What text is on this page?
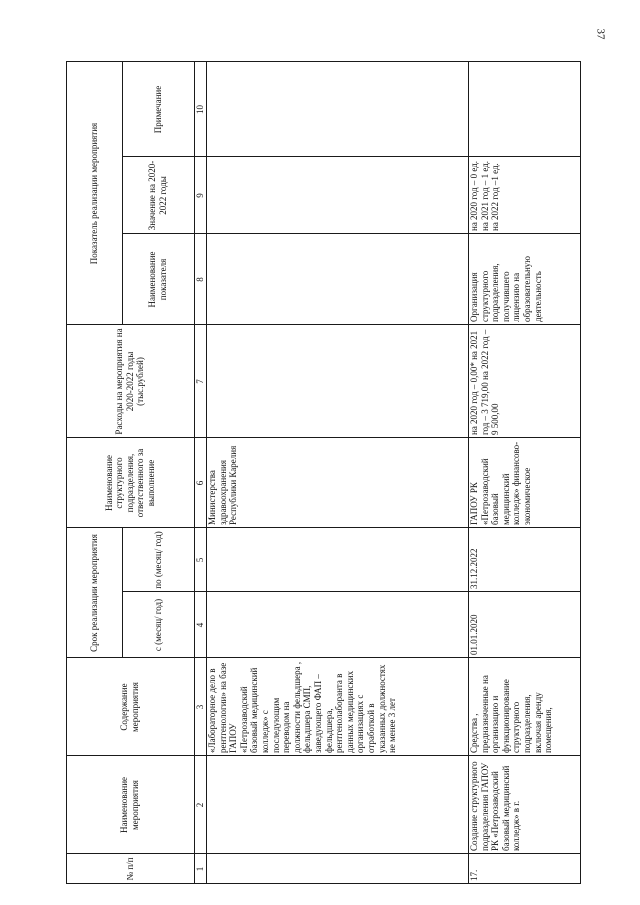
37
№ п/п
Наименование мероприятия
Содержание мероприятия
Срок реализации мероприятия	с (месяц/ год)
по (месяц/ год)
Наименование структурного подразделения, ответственного за выполнение
Расходы на мероприятия на 2020-2022 годы (тыс.рублей)
Показатель реализации мероприятия
Наименование показателя
Значение на 2020-2022 годы
Примечание
1
2
3
4
5
6
7
8
9
10
«Лабораторное дело в рентгенологии» на базе ГАПОУ «Петрозаводский базовый медицинский колледж» с последующим переводом на должности фельдшера , фельдшера СМП, заведующего ФАП – фельдшера, рентгенолаборанта в данных медицинских организациях с отработкой в указанных должностях не менее 3 лет
Министерства здравоохранения Республики Карелия
17.
Создание структурного подразделения ГАПОУ РК «Петрозаводский базовый медицинский колледж» в г.
Средства , предназначенные на организацию и функционирование структурного подразделения, включая аренду помещения,
01.01.2020
31.12.2022
ГАПОУ РК «Петрозаводский базовый медицинский колледж» финансово-экономическое
на 2020 год – 0,00* на 2021 год – 3 719,00 на 2022 год – 9 500,00
Организация структурного подразделения, получившего лицензию на образовательную деятельность
на 2020 год – 0 ед. на 2021 год – 1 ед. на 2022 год –1 ед.
